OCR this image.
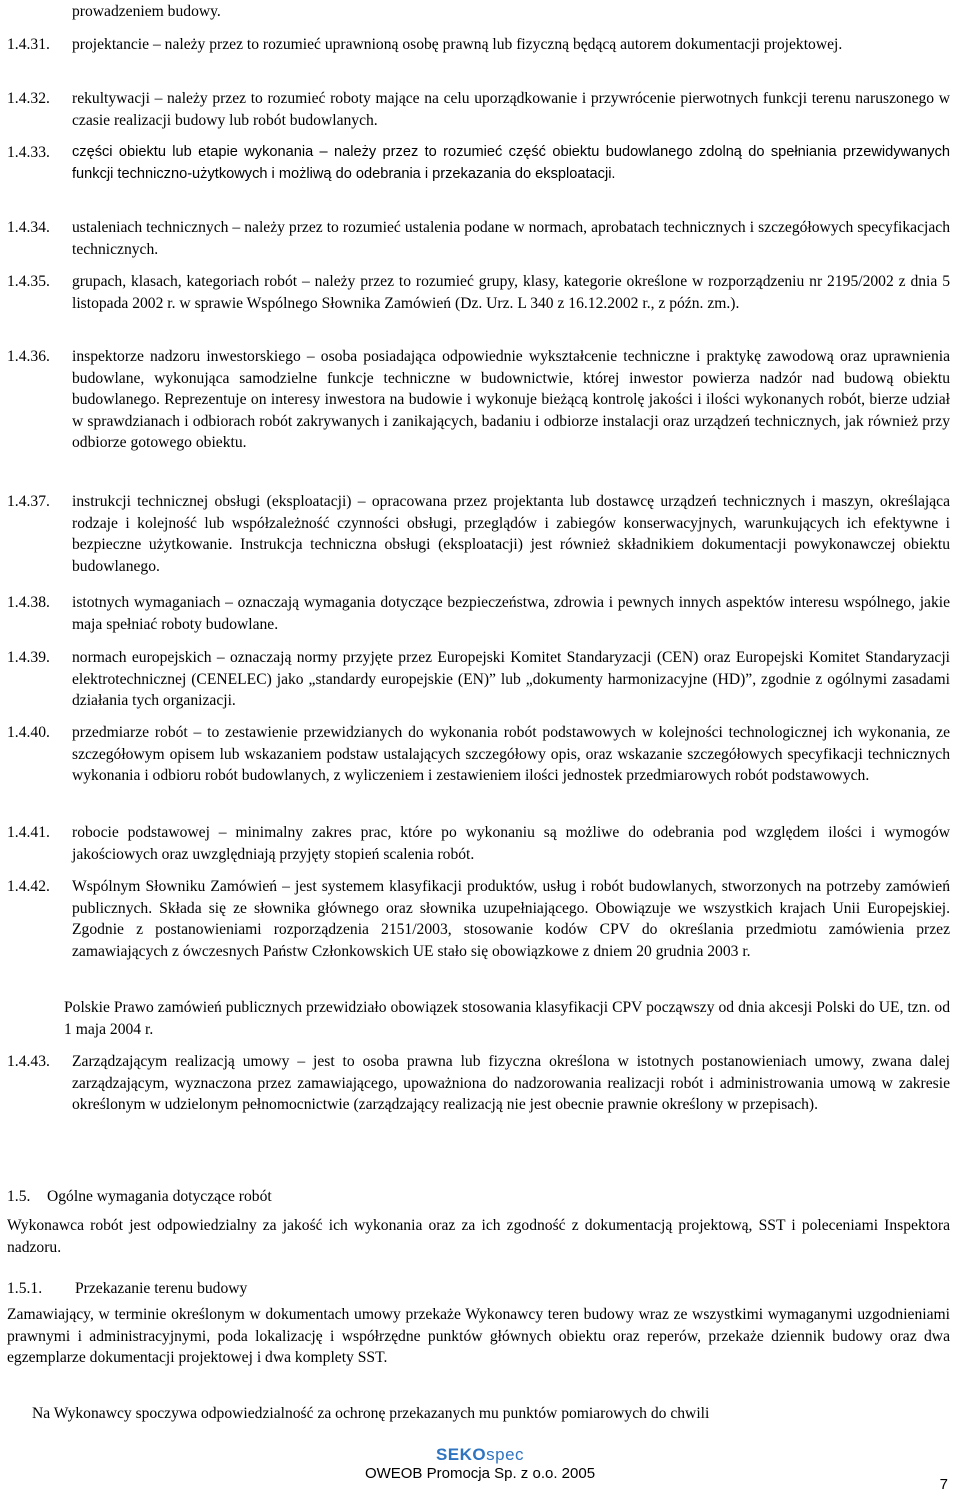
prowadzeniem budowy.
1.4.31. projektancie – należy przez to rozumieć uprawnioną osobę prawną lub fizyczną będącą autorem dokumentacji projektowej.
1.4.32. rekultywacji – należy przez to rozumieć roboty mające na celu uporządkowanie i przywrócenie pierwotnych funkcji terenu naruszonego w czasie realizacji budowy lub robót budowlanych.
1.4.33. części obiektu lub etapie wykonania – należy przez to rozumieć część obiektu budowlanego zdolną do spełniania przewidywanych funkcji techniczno-użytkowych i możliwą do odebrania i przekazania do eksploatacji.
1.4.34. ustaleniach technicznych – należy przez to rozumieć ustalenia podane w normach, aprobatach technicznych i szczegółowych specyfikacjach technicznych.
1.4.35. grupach, klasach, kategoriach robót – należy przez to rozumieć grupy, klasy, kategorie określone w rozporządzeniu nr 2195/2002 z dnia 5 listopada 2002 r. w sprawie Wspólnego Słownika Zamówień (Dz. Urz. L 340 z 16.12.2002 r., z późn. zm.).
1.4.36. inspektorze nadzoru inwestorskiego – osoba posiadająca odpowiednie wykształcenie techniczne i praktykę zawodową oraz uprawnienia budowlane, wykonująca samodzielne funkcje techniczne w budownictwie, której inwestor powierza nadzór nad budową obiektu budowlanego. Reprezentuje on interesy inwestora na budowie i wykonuje bieżącą kontrolę jakości i ilości wykonanych robót, bierze udział w sprawdzianach i odbiorach robót zakrywanych i zanikających, badaniu i odbiorze instalacji oraz urządzeń technicznych, jak również przy odbiorze gotowego obiektu.
1.4.37. instrukcji technicznej obsługi (eksploatacji) – opracowana przez projektanta lub dostawcę urządzeń technicznych i maszyn, określająca rodzaje i kolejność lub współzależność czynności obsługi, przeglądów i zabiegów konserwacyjnych, warunkujących ich efektywne i bezpieczne użytkowanie. Instrukcja techniczna obsługi (eksploatacji) jest również składnikiem dokumentacji powykonawczej obiektu budowlanego.
1.4.38. istotnych wymaganiach – oznaczają wymagania dotyczące bezpieczeństwa, zdrowia i pewnych innych aspektów interesu wspólnego, jakie maja spełniać roboty budowlane.
1.4.39. normach europejskich – oznaczają normy przyjęte przez Europejski Komitet Standaryzacji (CEN) oraz Europejski Komitet Standaryzacji elektrotechnicznej (CENELEC) jako „standardy europejskie (EN)” lub „dokumenty harmonizacyjne (HD)”, zgodnie z ogólnymi zasadami działania tych organizacji.
1.4.40. przedmiarze robót – to zestawienie przewidzianych do wykonania robót podstawowych w kolejności technologicznej ich wykonania, ze szczegółowym opisem lub wskazaniem podstaw ustalających szczegółowy opis, oraz wskazanie szczegółowych specyfikacji technicznych wykonania i odbioru robót budowlanych, z wyliczeniem i zestawieniem ilości jednostek przedmiarowych robót podstawowych.
1.4.41. robocie podstawowej – minimalny zakres prac, które po wykonaniu są możliwe do odebrania pod względem ilości i wymogów jakościowych oraz uwzględniają przyjęty stopień scalenia robót.
1.4.42. Wspólnym Słowniku Zamówień – jest systemem klasyfikacji produktów, usług i robót budowlanych, stworzonych na potrzeby zamówień publicznych. Składa się ze słownika głównego oraz słownika uzupełniającego. Obowiązuje we wszystkich krajach Unii Europejskiej. Zgodnie z postanowieniami rozporządzenia 2151/2003, stosowanie kodów CPV do określania przedmiotu zamówienia przez zamawiających z ówczesnych Państw Członkowskich UE stało się obowiązkowe z dniem 20 grudnia 2003 r.
Polskie Prawo zamówień publicznych przewidziało obowiązek stosowania klasyfikacji CPV począwszy od dnia akcesji Polski do UE, tzn. od 1 maja 2004 r.
1.4.43. Zarządzającym realizacją umowy – jest to osoba prawna lub fizyczna określona w istotnych postanowieniach umowy, zwana dalej zarządzającym, wyznaczona przez zamawiającego, upoważniona do nadzorowania realizacji robót i administrowania umową w zakresie określonym w udzielonym pełnomocnictwie (zarządzający realizacją nie jest obecnie prawnie określony w przepisach).
1.5. Ogólne wymagania dotyczące robót
Wykonawca robót jest odpowiedzialny za jakość ich wykonania oraz za ich zgodność z dokumentacją projektową, SST i poleceniami Inspektora nadzoru.
1.5.1. Przekazanie terenu budowy
Zamawiający, w terminie określonym w dokumentach umowy przekaże Wykonawcy teren budowy wraz ze wszystkimi wymaganymi uzgodnieniami prawnymi i administracyjnymi, poda lokalizację i współrzędne punktów głównych obiektu oraz reperów, przekaże dziennik budowy oraz dwa egzemplarze dokumentacji projektowej i dwa komplety SST.
Na Wykonawcy spoczywa odpowiedzialność za ochronę przekazanych mu punktów pomiarowych do chwili
SEKOspec
OWEOB Promocja Sp. z o.o. 2005
7
